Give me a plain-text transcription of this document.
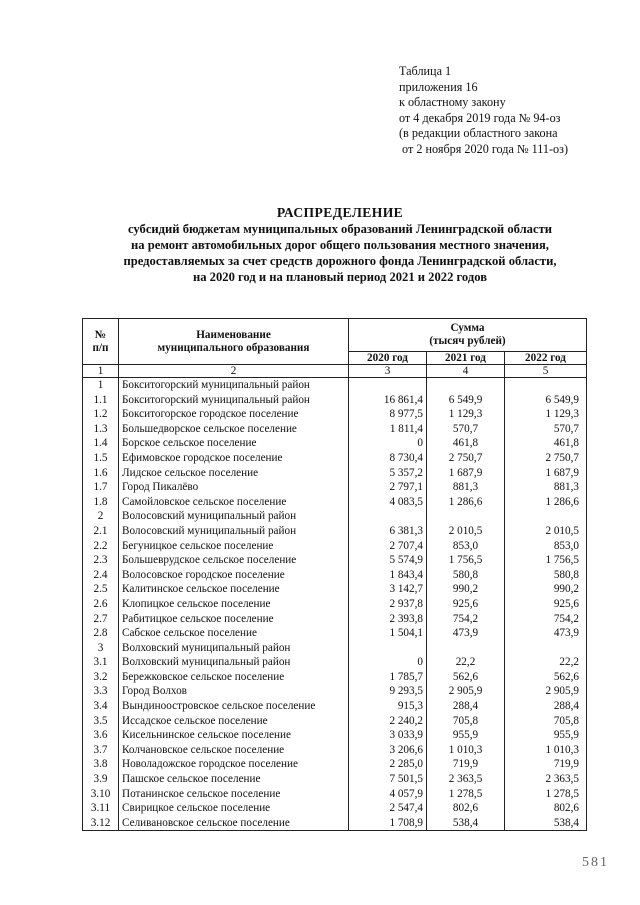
Таблица 1
приложения 16
к областному закону
от 4 декабря 2019 года № 94-оз
(в редакции областного закона
от 2 ноября 2020 года № 111-оз)
РАСПРЕДЕЛЕНИЕ
субсидий бюджетам муниципальных образований Ленинградской области
на ремонт автомобильных дорог общего пользования местного значения,
предоставляемых за счет средств дорожного фонда Ленинградской области,
на 2020 год и на плановый период 2021 и 2022 годов
№
п/п	Наименование
муниципального образования	Сумма
(тысяч рублей)		
		2020 год	2021 год	2022 год
1	2	3	4	5
1	Бокситогорский муниципальный район			
1.1	Бокситогорский муниципальный район	16 861,4	6 549,9	6 549,9
1.2	Бокситогорское городское поселение	8 977,5	1 129,3	1 129,3
1.3	Большедворское сельское поселение	1 811,4	570,7	570,7
1.4	Борское сельское поселение	0	461,8	461,8
1.5	Ефимовское городское поселение	8 730,4	2 750,7	2 750,7
1.6	Лидское сельское поселение	5 357,2	1 687,9	1 687,9
1.7	Город Пикалёво	2 797,1	881,3	881,3
1.8	Самойловское сельское поселение	4 083,5	1 286,6	1 286,6
2	Волосовский муниципальный район			
2.1	Волосовский муниципальный район	6 381,3	2 010,5	2 010,5
2.2	Бегуницкое сельское поселение	2 707,4	853,0	853,0
2.3	Большеврудское сельское поселение	5 574,9	1 756,5	1 756,5
2.4	Волосовское городское поселение	1 843,4	580,8	580,8
2.5	Калитинское сельское поселение	3 142,7	990,2	990,2
2.6	Клопицкое сельское поселение	2 937,8	925,6	925,6
2.7	Рабитицкое сельское поселение	2 393,8	754,2	754,2
2.8	Сабское сельское поселение	1 504,1	473,9	473,9
3	Волховский муниципальный район			
3.1	Волховский муниципальный район	0	22,2	22,2
3.2	Бережковское сельское поселение	1 785,7	562,6	562,6
3.3	Город Волхов	9 293,5	2 905,9	2 905,9
3.4	Вындиноостровское сельское поселение	915,3	288,4	288,4
3.5	Иссадское сельское поселение	2 240,2	705,8	705,8
3.6	Кисельнинское сельское поселение	3 033,9	955,9	955,9
3.7	Колчановское сельское поселение	3 206,6	1 010,3	1 010,3
3.8	Новоладожское городское поселение	2 285,0	719,9	719,9
3.9	Пашское сельское поселение	7 501,5	2 363,5	2 363,5
3.10	Потанинское сельское поселение	4 057,9	1 278,5	1 278,5
3.11	Свирицкое сельское поселение	2 547,4	802,6	802,6
3.12	Селивановское сельское поселение	1 708,9	538,4	538,4
581
